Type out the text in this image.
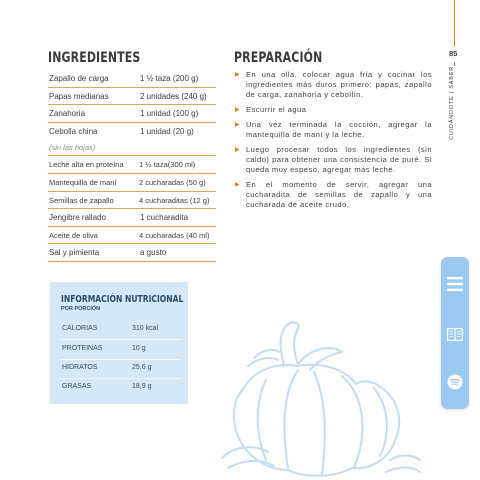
85
CUIDÁNDOTE | SABER
INGREDIENTES
Zapallo de carga	1 ½ taza (200 g)
Papas medianas	2 unidades (240 g)
Zanahoria	1 unidad (100 g)
Cebolla china	1 unidad (20 g)
(sin las hojas)
Leche alta en proteína 1 ½ taza(300 ml)
Mantequilla de maní	2 cucharadas (50 g)
Semillas de zapallo	4 cucharaditas (12 g)
Jengibre rallado	1 cucharadita
Aceite de oliva	4 cucharadas (40 ml)
Sal y pimienta	a gusto
PREPARACIÓN
▶ En una olla, colocar agua fría y cocinar los ingredientes más duros primero: papas, zapallo de carga, zanahoria y cebollín.
▶ Escurrir el agua
▶ Una vez terminada la cocción, agregar la mantequilla de maní y la leche.
▶ Luego procesar todos los ingredientes (sin caldo) para obtener una consistencia de puré. Si queda muy espeso, agregar más leche.
▶ En el momento de servir, agregar una cucharadita de semillas de zapallo y una cucharada de aceite crudo.
INFORMACIÓN NUTRICIONAL
POR PORCIÓN
CALORIAS	310 kcal
PROTEINAS	10 g
HIDRATOS	25,6 g
GRASAS	18,9 g
